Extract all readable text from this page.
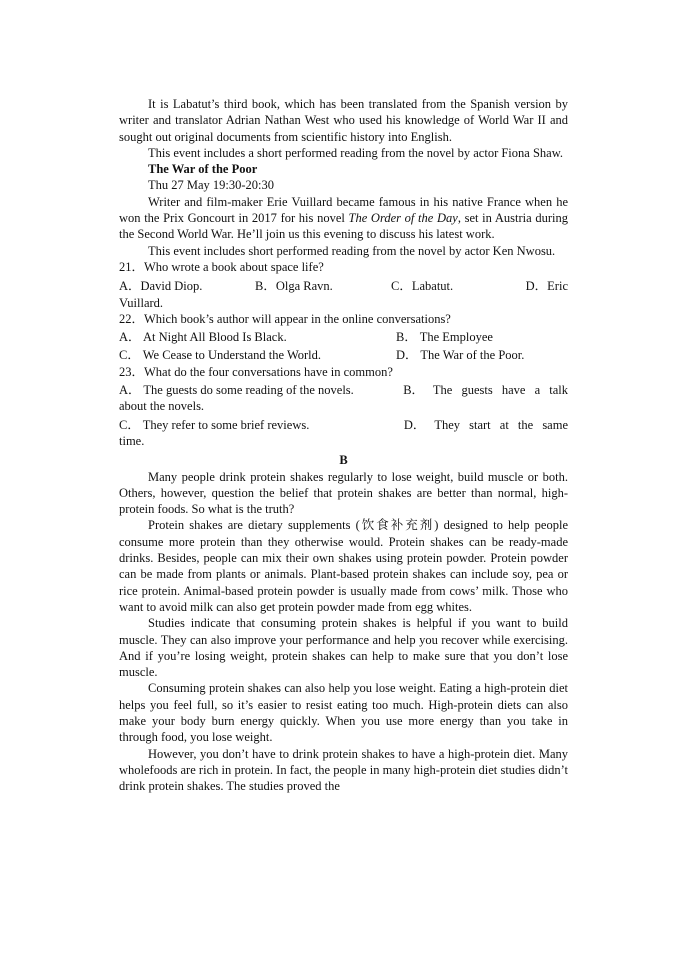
It is Labatut’s third book, which has been translated from the Spanish version by writer and translator Adrian Nathan West who used his knowledge of World War II and sought out original documents from scientific history into English.

This event includes a short performed reading from the novel by actor Fiona Shaw.

The War of the Poor

Thu 27 May 19:30-20:30

Writer and film-maker Erie Vuillard became famous in his native France when he won the Prix Goncourt in 2017 for his novel The Order of the Day, set in Austria during the Second World War. He’ll join us this evening to discuss his latest work.

This event includes short performed reading from the novel by actor Ken Nwosu.

21．Who wrote a book about space life?

A．David Diop.	B．Olga Ravn.	C．Labatut.	D．Eric

Vuillard.

22．Which book’s author will appear in the online conversations?

A． At Night All Blood Is Black.	B． The Employee
C． We Cease to Understand the World.	D． The War of the Poor.

23．What do the four conversations have in common?

A． The guests do some reading of the novels.	B． The guests have a talk

about the novels.

C． They refer to some brief reviews.	D． They start at the same

time.

B

Many people drink protein shakes regularly to lose weight, build muscle or both. Others, however, question the belief that protein shakes are better than normal, high-protein foods. So what is the truth?

Protein shakes are dietary supplements (饮食补充剂) designed to help people consume more protein than they otherwise would. Protein shakes can be ready-made drinks. Besides, people can mix their own shakes using protein powder. Protein powder can be made from plants or animals. Plant-based protein shakes can include soy, pea or rice protein. Animal-based protein powder is usually made from cows’ milk. Those who want to avoid milk can also get protein powder made from egg whites.

Studies indicate that consuming protein shakes is helpful if you want to build muscle. They can also improve your performance and help you recover while exercising. And if you’re losing weight, protein shakes can help to make sure that you don’t lose muscle.

Consuming protein shakes can also help you lose weight. Eating a high-protein diet helps you feel full, so it’s easier to resist eating too much. High-protein diets can also make your body burn energy quickly. When you use more energy than you take in through food, you lose weight.

However, you don’t have to drink protein shakes to have a high-protein diet. Many wholefoods are rich in protein. In fact, the people in many high-protein diet studies didn’t drink protein shakes. The studies proved the
